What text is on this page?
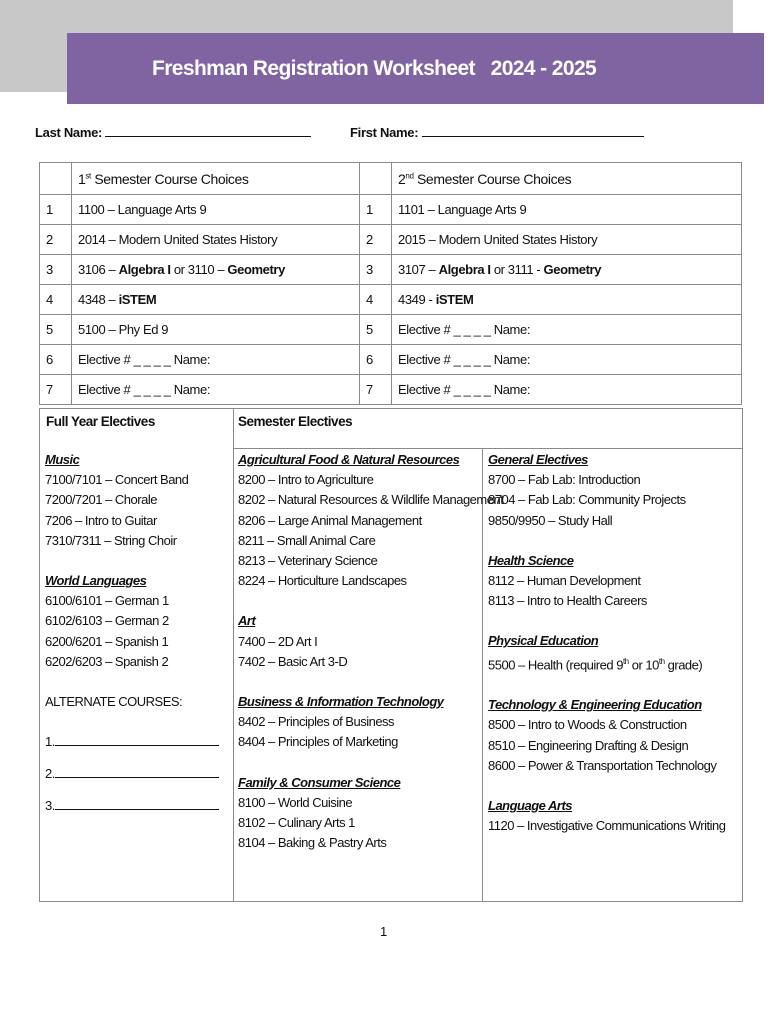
Freshman Registration Worksheet   2024 - 2025
Last Name:	First Name:
	1st Semester Course Choices		2nd Semester Course Choices
1	1100 – Language Arts 9	1	1101 – Language Arts 9
2	2014 – Modern United States History	2	2015 – Modern United States History
3	3106 – Algebra I or 3110 – Geometry	3	3107 – Algebra I or 3111 - Geometry
4	4348 – iSTEM	4	4349 - iSTEM
5	5100 – Phy Ed 9	5	Elective # _ _ _ _ Name:
6	Elective # _ _ _ _ Name:	6	Elective # _ _ _ _ Name:
7	Elective # _ _ _ _ Name:	7	Elective # _ _ _ _ Name:
Full Year Electives	Semester Electives
Music
7100/7101 – Concert Band
7200/7201 – Chorale
7206 – Intro to Guitar
7310/7311 – String Choir
World Languages
6100/6101 – German 1
6102/6103 – German 2
6200/6201 – Spanish 1
6202/6203 – Spanish 2
ALTERNATE COURSES:
1.
2.
3.
Agricultural Food & Natural Resources
8200 – Intro to Agriculture
8202 – Natural Resources & Wildlife Management
8206 – Large Animal Management
8211 – Small Animal Care
8213 – Veterinary Science
8224 – Horticulture Landscapes
Art
7400 – 2D Art I
7402 – Basic Art 3-D
Business & Information Technology
8402 – Principles of Business
8404 – Principles of Marketing
Family & Consumer Science
8100 – World Cuisine
8102 – Culinary Arts 1
8104 – Baking & Pastry Arts
General Electives
8700 – Fab Lab: Introduction
8704 – Fab Lab: Community Projects
9850/9950 – Study Hall
Health Science
8112 – Human Development
8113 – Intro to Health Careers
Physical Education
5500 – Health (required 9th or 10th grade)
Technology & Engineering Education
8500 – Intro to Woods & Construction
8510 – Engineering Drafting & Design
8600 – Power & Transportation Technology
Language Arts
1120 – Investigative Communications Writing
1
